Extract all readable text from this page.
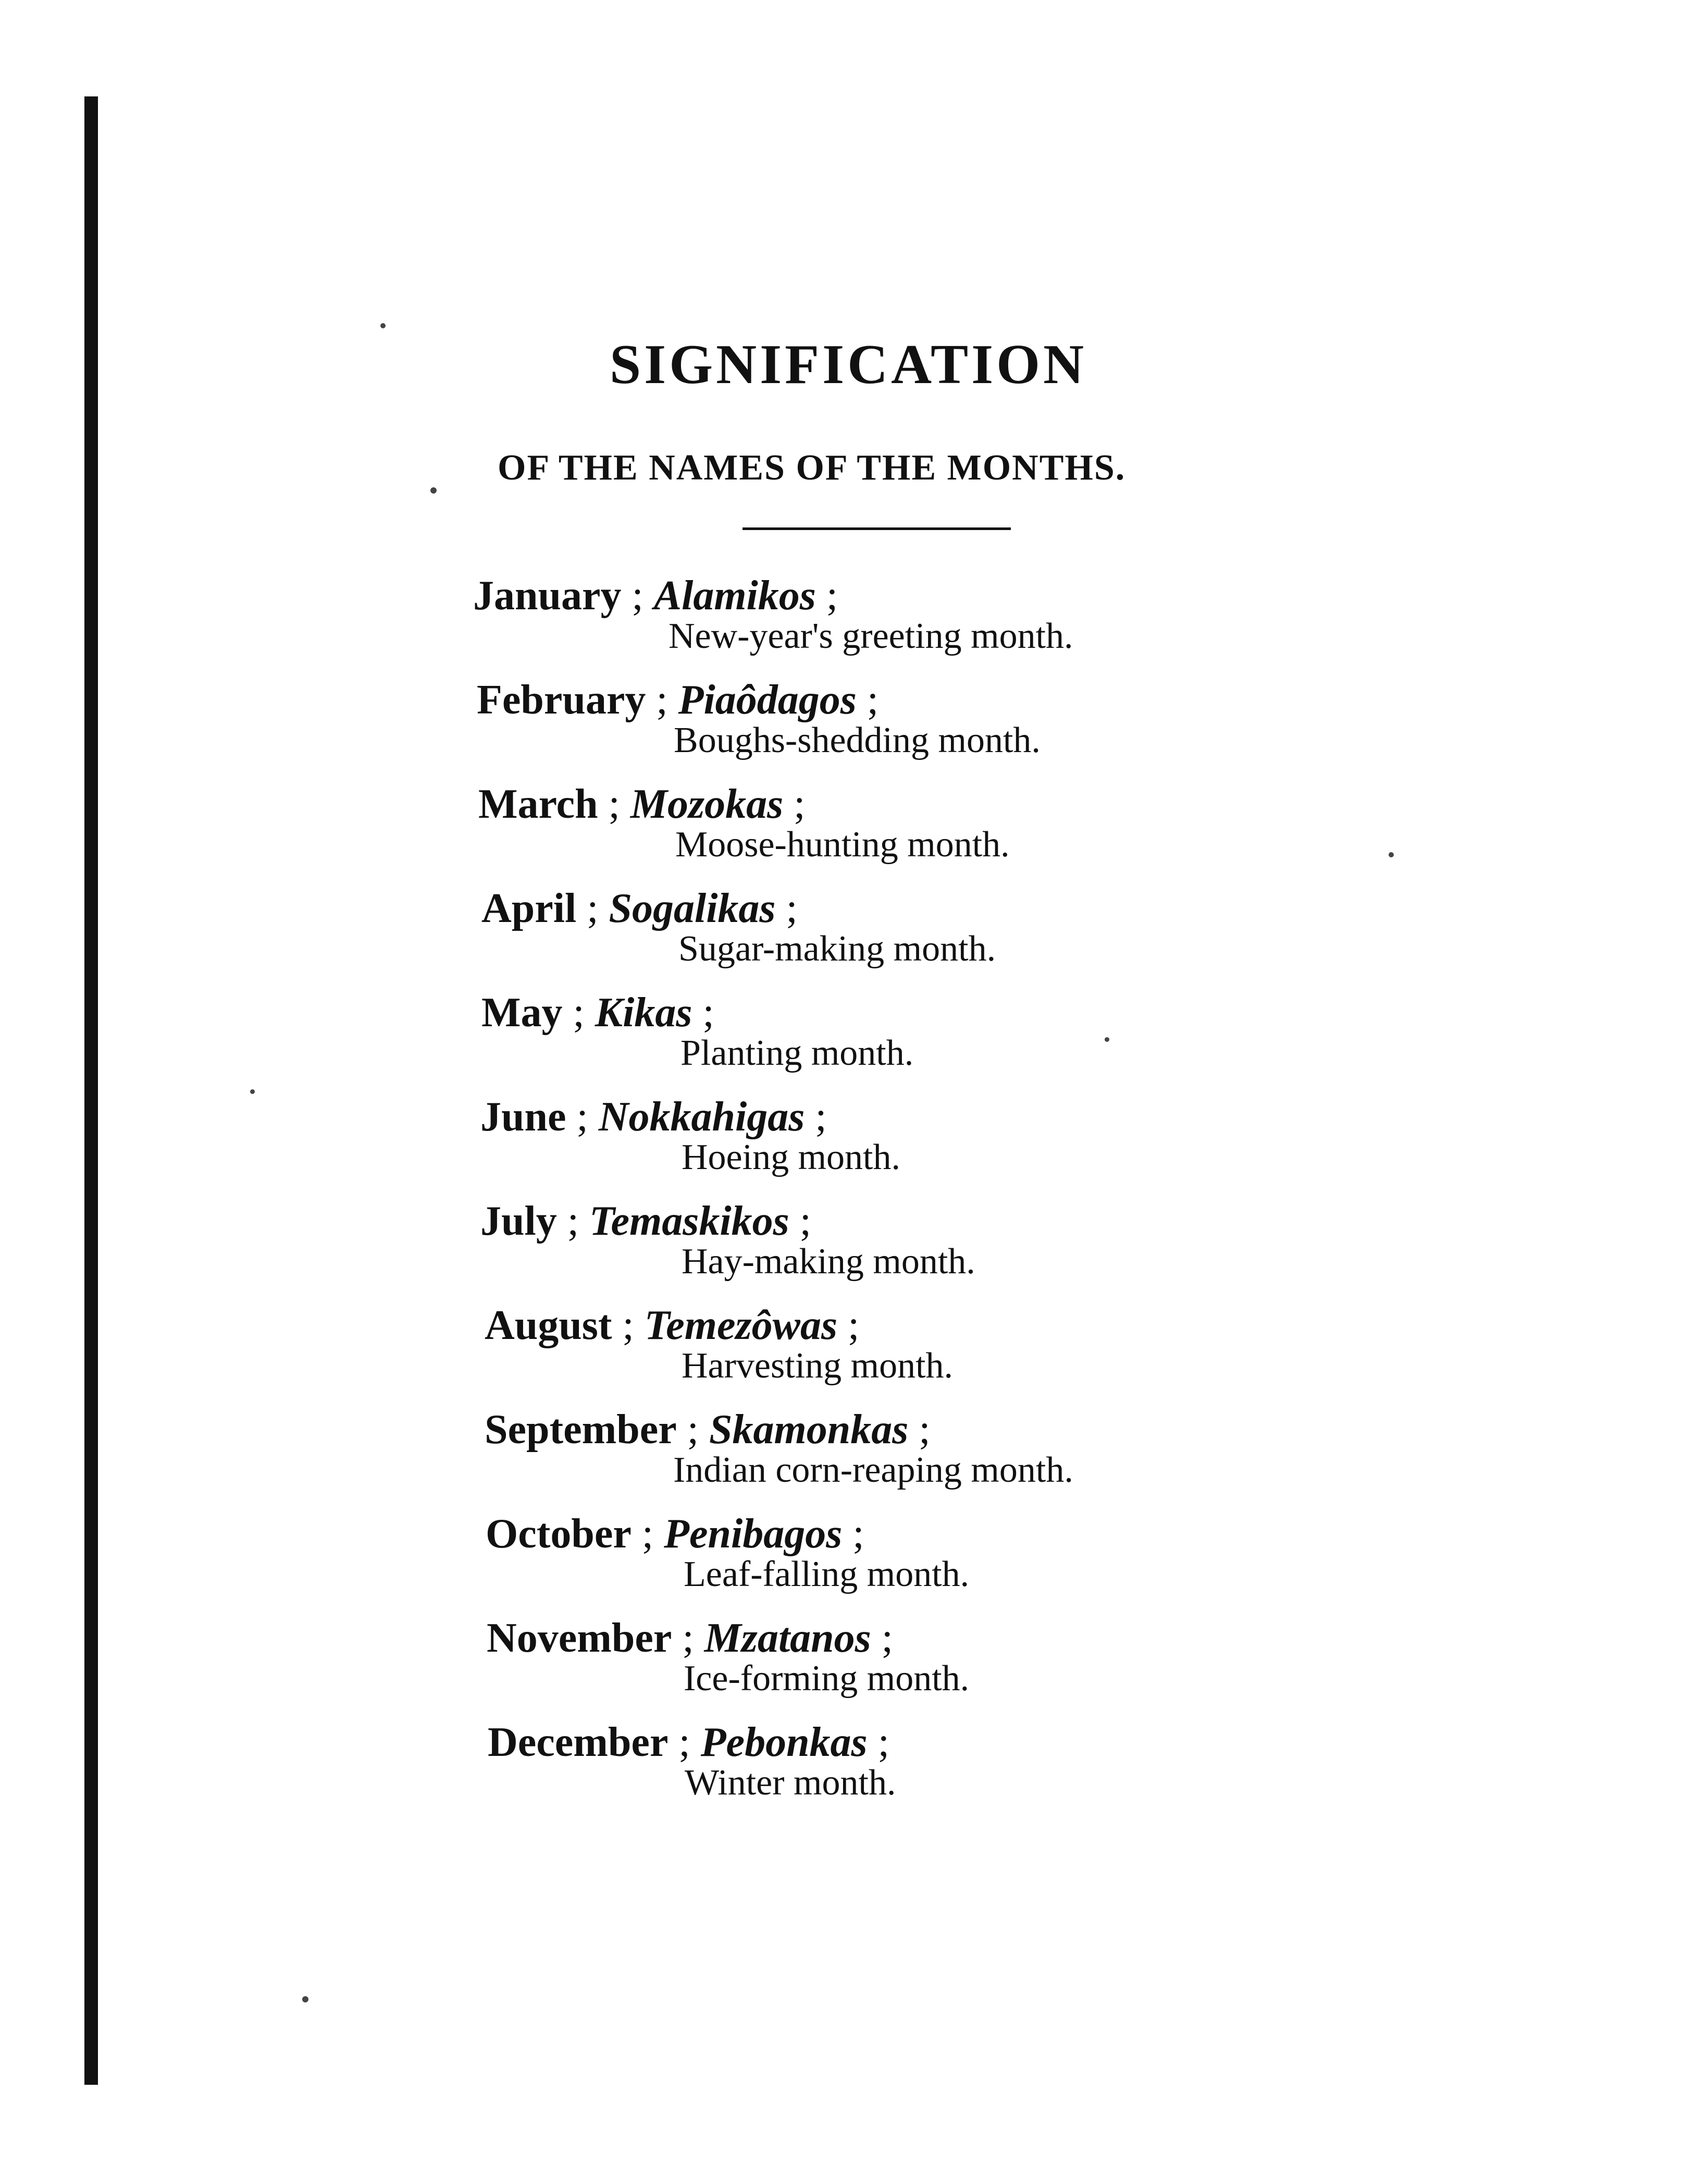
SIGNIFICATION
OF THE NAMES OF THE MONTHS.
January ; Alamikos ;
New-year's greeting month.
February ; Piaôdagos ;
Boughs-shedding month.
March ; Mozokas ;
Moose-hunting month.
April ; Sogalikas ;
Sugar-making month.
May ; Kikas ;
Planting month.
June ; Nokkahigas ;
Hoeing month.
July ; Temaskikos ;
Hay-making month.
August ; Temezôwas ;
Harvesting month.
September ; Skamonkas ;
Indian corn-reaping month.
October ; Penibagos ;
Leaf-falling month.
November ; Mzatanos ;
Ice-forming month.
December ; Pebonkas ;
Winter month.
